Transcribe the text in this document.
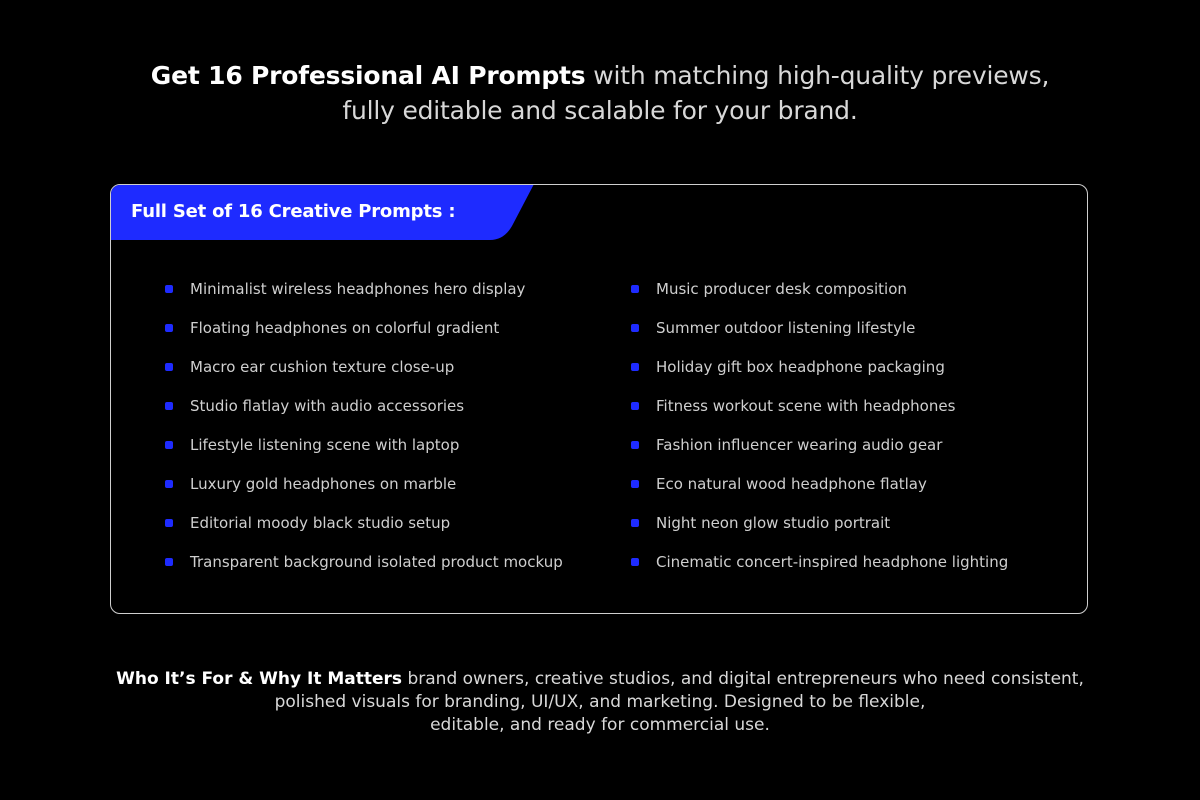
Get 16 Professional AI Prompts with matching high-quality previews,
fully editable and scalable for your brand.
Full Set of 16 Creative Prompts :
Minimalist wireless headphones hero display
Floating headphones on colorful gradient
Macro ear cushion texture close-up
Studio flatlay with audio accessories
Lifestyle listening scene with laptop
Luxury gold headphones on marble
Editorial moody black studio setup
Transparent background isolated product mockup
Music producer desk composition
Summer outdoor listening lifestyle
Holiday gift box headphone packaging
Fitness workout scene with headphones
Fashion influencer wearing audio gear
Eco natural wood headphone flatlay
Night neon glow studio portrait
Cinematic concert-inspired headphone lighting
Who It’s For & Why It Matters brand owners, creative studios, and digital entrepreneurs who need consistent,
polished visuals for branding, UI/UX, and marketing. Designed to be flexible,
editable, and ready for commercial use.
